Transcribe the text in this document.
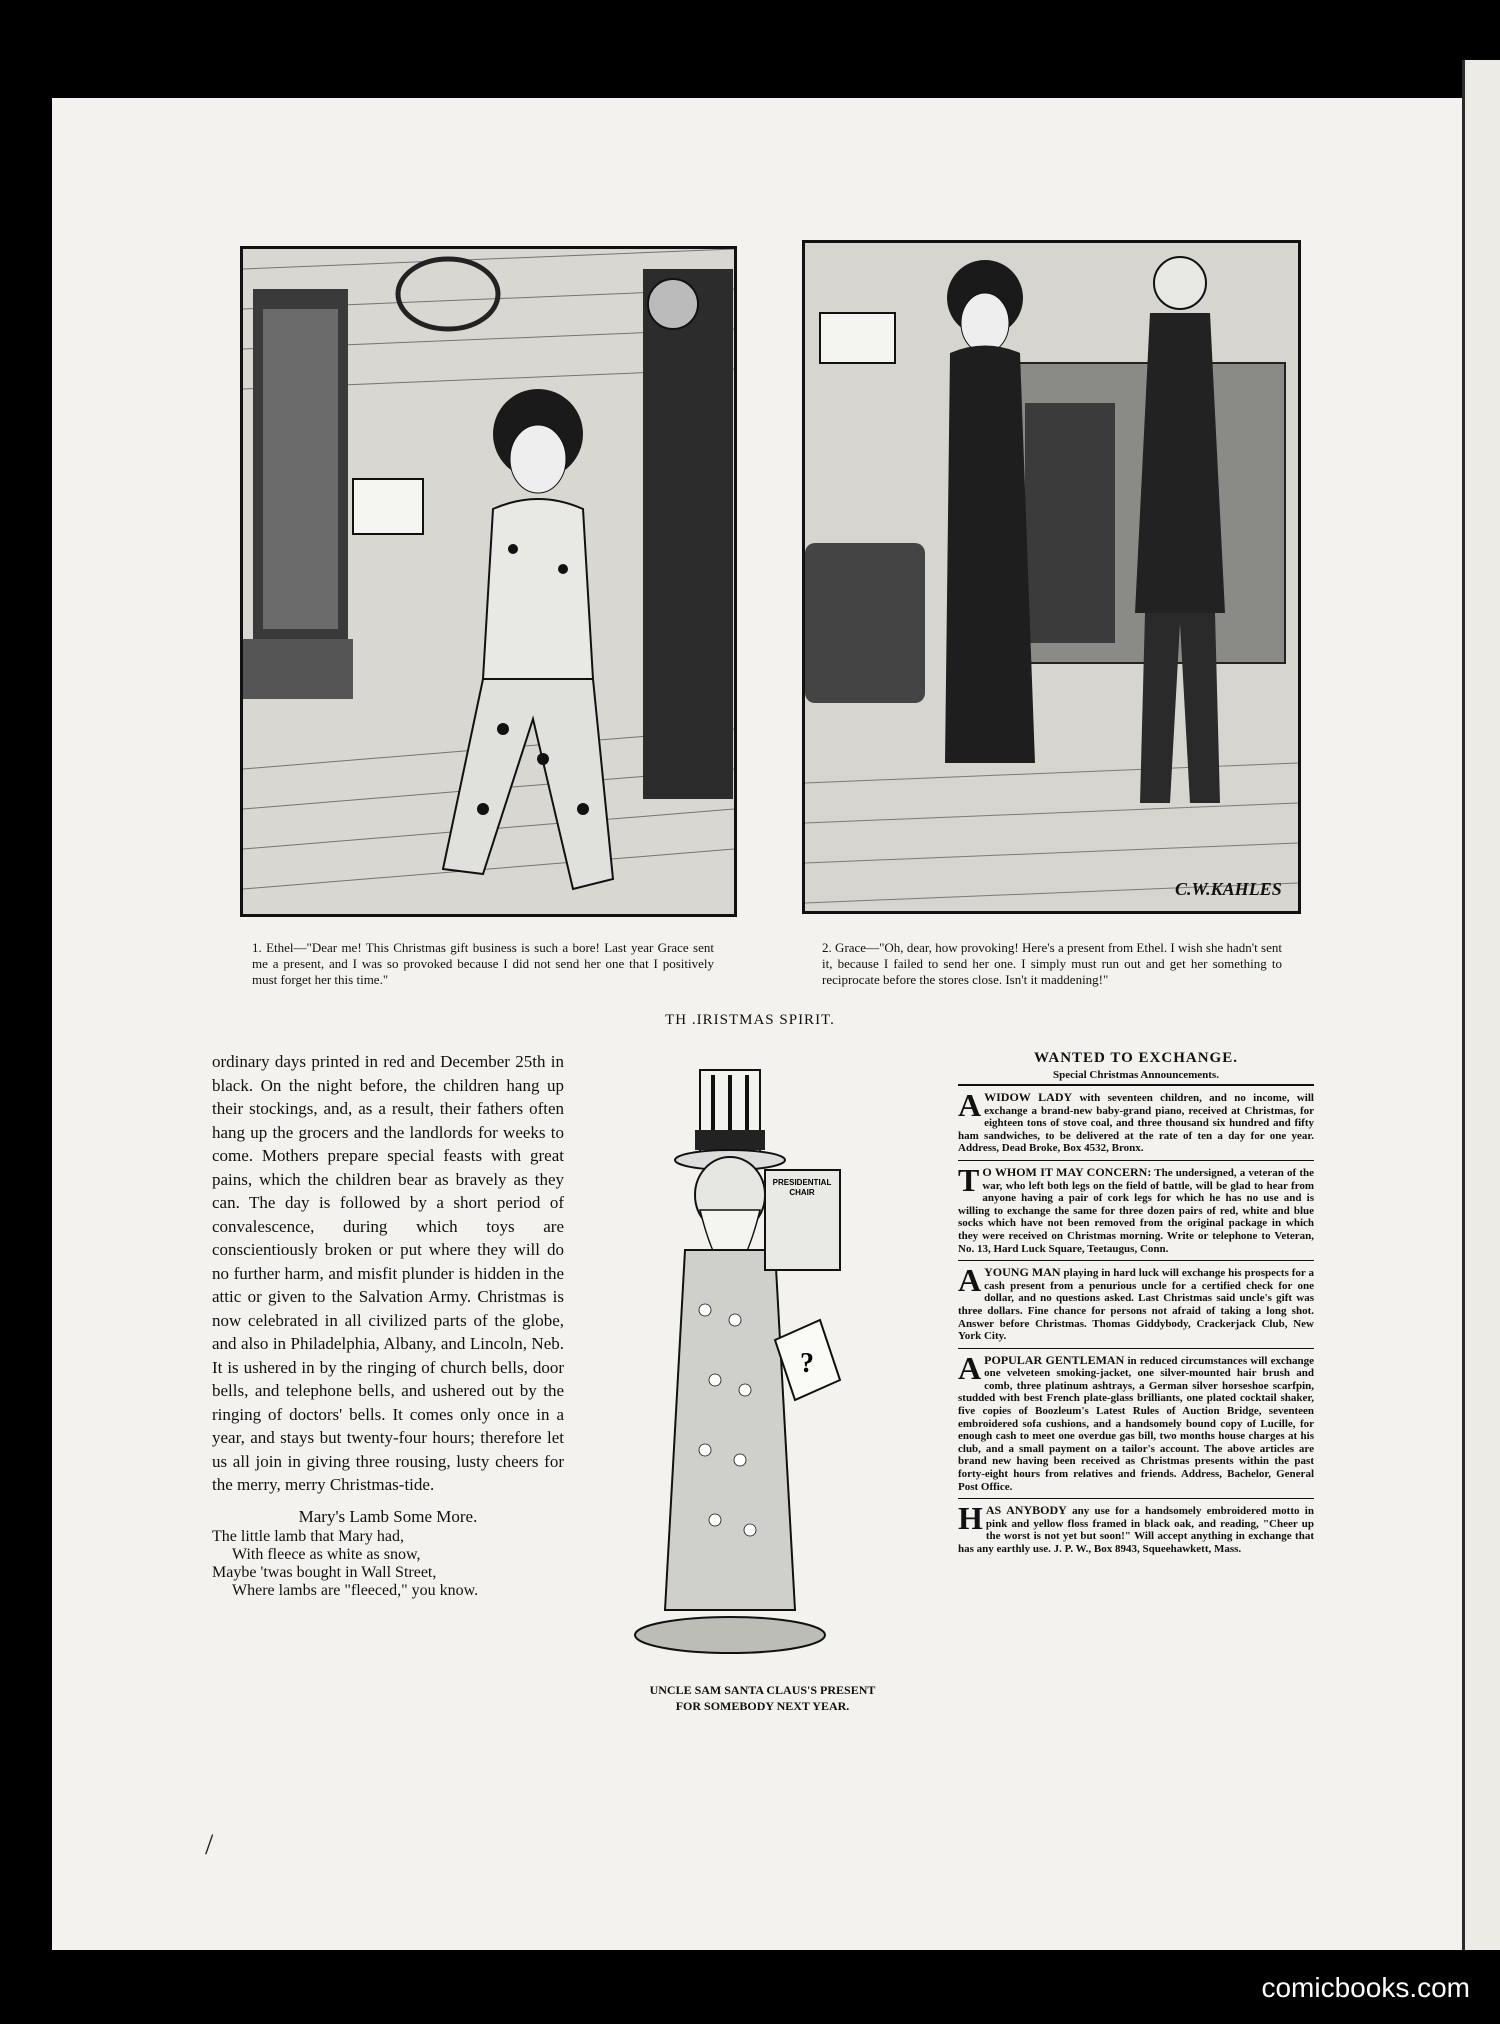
C.W.KAHLES

1. Ethel—"Dear me! This Christmas gift business is such a bore! Last year Grace sent me a present, and I was so provoked because I did not send her one that I positively must forget her this time."

2. Grace—"Oh, dear, how provoking! Here's a present from Ethel. I wish she hadn't sent it, because I failed to send her one. I simply must run out and get her something to reciprocate before the stores close. Isn't it maddening!"

TH .IRISTMAS SPIRIT.

ordinary days printed in red and December 25th in black. On the night before, the children hang up their stockings, and, as a result, their fathers often hang up the grocers and the landlords for weeks to come. Mothers prepare special feasts with great pains, which the children bear as bravely as they can. The day is followed by a short period of convalescence, during which toys are conscientiously broken or put where they will do no further harm, and misfit plunder is hidden in the attic or given to the Salvation Army. Christmas is now celebrated in all civilized parts of the globe, and also in Philadelphia, Albany, and Lincoln, Neb. It is ushered in by the ringing of church bells, door bells, and telephone bells, and ushered out by the ringing of doctors' bells. It comes only once in a year, and stays but twenty-four hours; therefore let us all join in giving three rousing, lusty cheers for the merry, merry Christmas-tide.

Mary's Lamb Some More.

The little lamb that Mary had,

With fleece as white as snow,

Maybe 'twas bought in Wall Street,

Where lambs are "fleeced," you know.

PRESIDENTIAL
CHAIR
?
UNCLE SAM SANTA CLAUS'S PRESENT
FOR SOMEBODY NEXT YEAR.
WANTED TO EXCHANGE.
Special Christmas Announcements.
AWIDOW LADY with seventeen children, and no income, will exchange a brand-new baby-grand piano, received at Christmas, for eighteen tons of stove coal, and three thousand six hundred and fifty ham sandwiches, to be delivered at the rate of ten a day for one year. Address, Dead Broke, Box 4532, Bronx.
T O WHOM IT MAY CONCERN: The undersigned, a veteran of the war, who left both legs on the field of battle, will be glad to hear from anyone having a pair of cork legs for which he has no use and is willing to exchange the same for three dozen pairs of red, white and blue socks which have not been removed from the original package in which they were received on Christmas morning. Write or telephone to Veteran, No. 13, Hard Luck Square, Teetaugus, Conn.
AYOUNG MAN playing in hard luck will exchange his prospects for a cash present from a penurious uncle for a certified check for one dollar, and no questions asked. Last Christmas said uncle's gift was three dollars. Fine chance for persons not afraid of taking a long shot. Answer before Christmas. Thomas Giddybody, Crackerjack Club, New York City.
APOPULAR GENTLEMAN in reduced circumstances will exchange one velveteen smoking-jacket, one silver-mounted hair brush and comb, three platinum ashtrays, a German silver horseshoe scarfpin, studded with best French plate-glass brilliants, one plated cocktail shaker, five copies of Boozleum's Latest Rules of Auction Bridge, seventeen embroidered sofa cushions, and a handsomely bound copy of Lucille, for enough cash to meet one overdue gas bill, two months house charges at his club, and a small payment on a tailor's account. The above articles are brand new having been received as Christmas presents within the past forty-eight hours from relatives and friends. Address, Bachelor, General Post Office.
HAS ANYBODY any use for a handsomely embroidered motto in pink and yellow floss framed in black oak, and reading, "Cheer up the worst is not yet but soon!" Will accept anything in exchange that has any earthly use. J. P. W., Box 8943, Squeehawkett, Mass.
/
comicbooks.com
